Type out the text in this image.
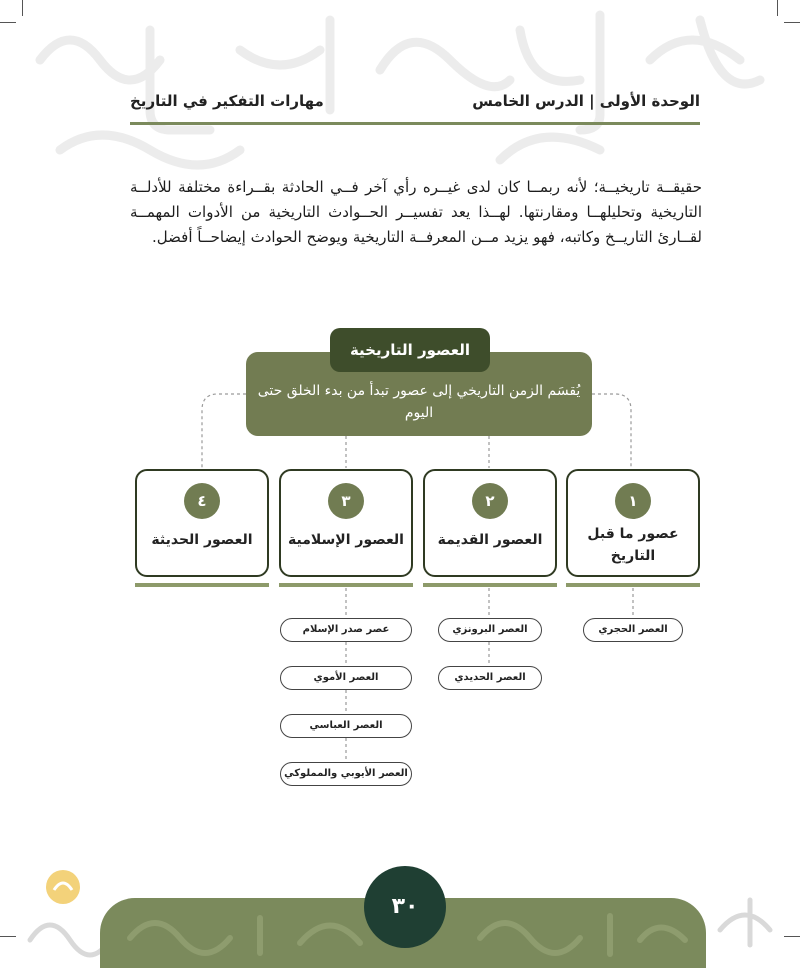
الوحدة الأولى | الدرس الخامس
مهارات التفكير في التاريخ
حقيقــة تاريخيــة؛ لأنه ربمــا كان لدى غيــره رأي آخر فــي الحادثة بقــراءة مختلفة للأدلــة التاريخية وتحليلهــا ومقارنتها. لهــذا يعد تفسيــر الحــوادث التاريخية من الأدوات المهمــة لقــارئ التاريــخ وكاتبه، فهو يزيد مــن المعرفــة التاريخية ويوضح الحوادث إيضاحــاً أفضل.
العصور التاريخية
يُقسَم الزمن التاريخي إلى عصور تبدأ من بدء الخلق حتى اليوم
١
عصور ما قبل التاريخ
٢
العصور القديمة
٣
العصور الإسلامية
٤
العصور الحديثة
العصر الحجري
العصر البرونزي
العصر الحديدي
عصر صدر الإسلام
العصر الأموي
العصر العباسي
العصر الأيوبي والمملوكي
٣٠
